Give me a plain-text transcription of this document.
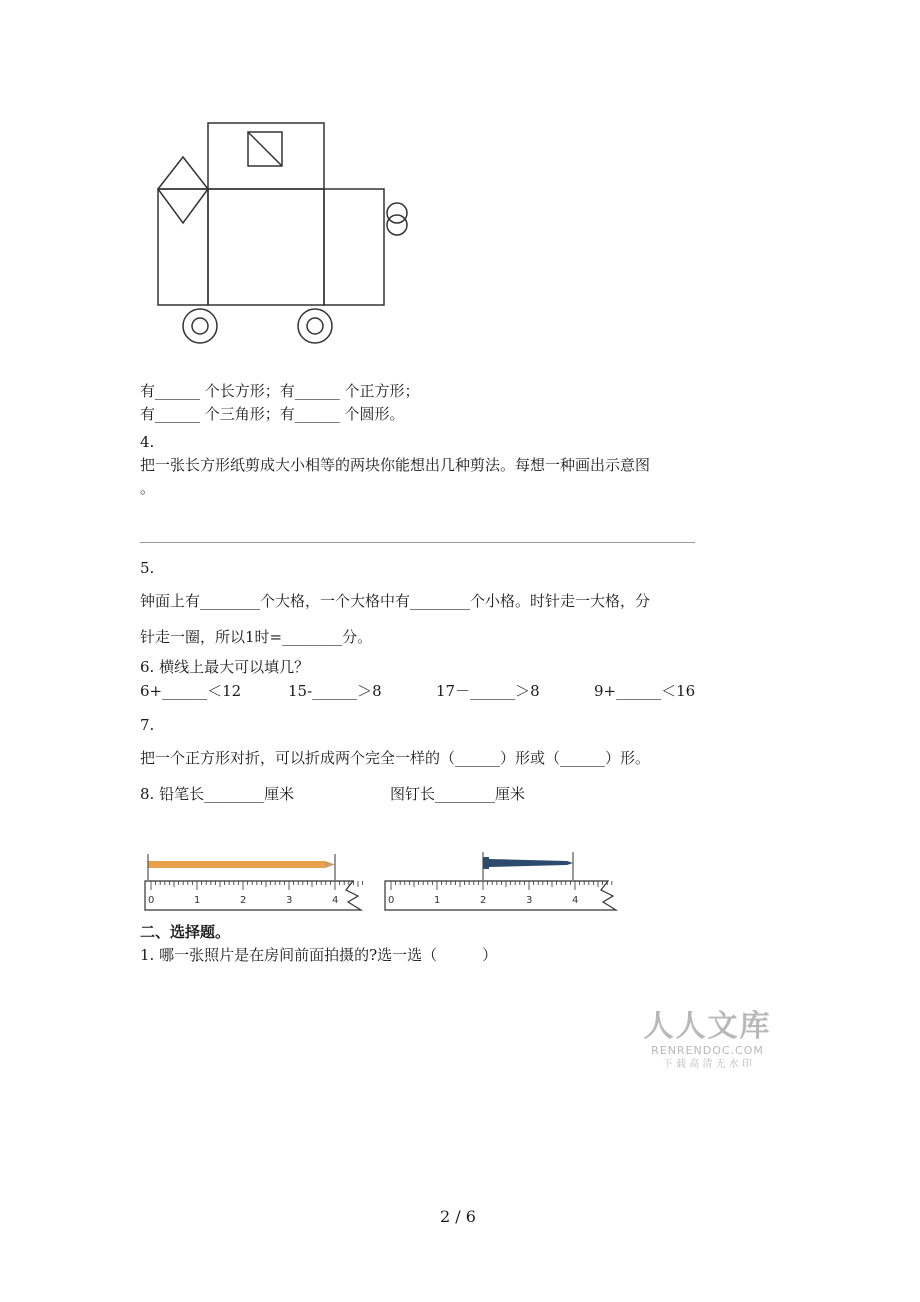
有______ 个长方形；有______ 个正方形；
有______ 个三角形；有______ 个圆形。
4.
把一张长方形纸剪成大小相等的两块你能想出几种剪法。每想一种画出示意图
。
5.
钟面上有________个大格，一个大格中有________个小格。时针走一大格，分
针走一圈，所以1时=________分。
6. 横线上最大可以填几？
6+______＜12	15-______＞8	17－______＞8	9+______＜16
7.
把一个正方形对折，可以折成两个完全一样的（______）形或（______）形。
8. 铅笔长________厘米	图钉长________厘米
0	1	2	3	4	0	1	2	3	4
二、选择题。
1. 哪一张照片是在房间前面拍摄的?选一选（　　　）
人人文库
RENRENDOC.COM
下 载 高 清 无 水 印
2 / 6
